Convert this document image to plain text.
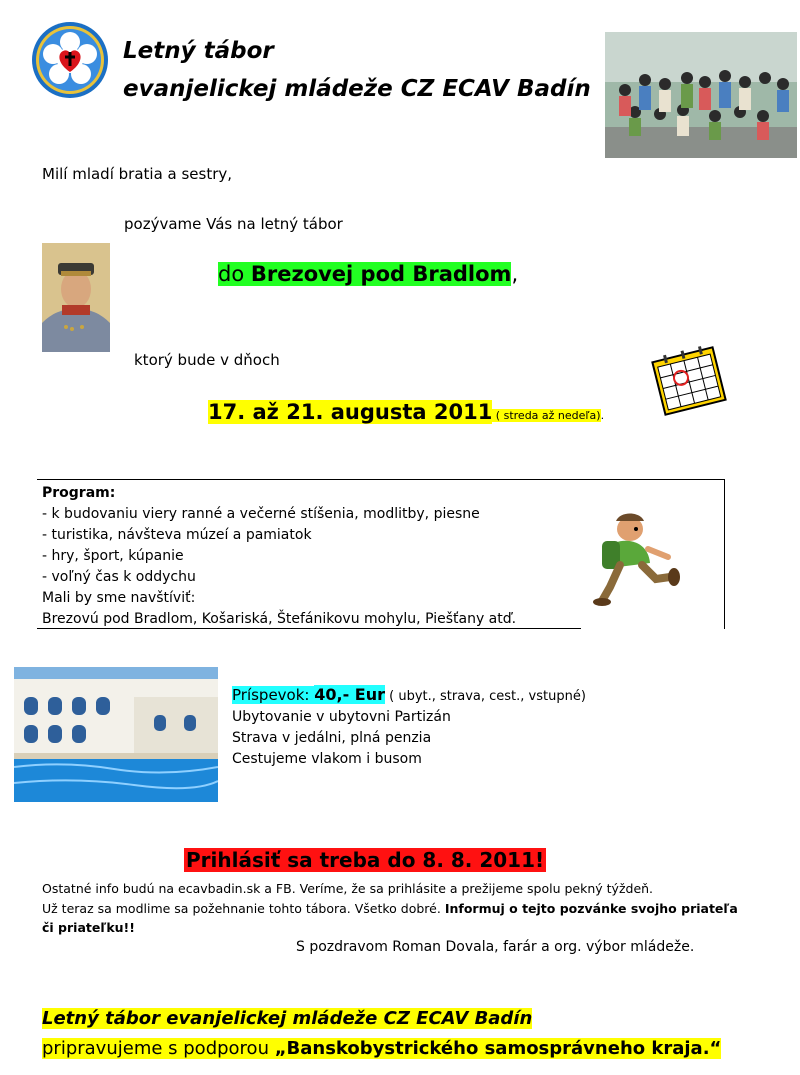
Letný tábor
evanjelickej mládeže CZ ECAV Badín
Milí mladí bratia a sestry,
pozývame Vás na letný tábor
do Brezovej pod Bradlom,
ktorý bude v dňoch
17. až 21. augusta 2011 ( streda až nedeľa).
Program:
- k budovaniu viery ranné a večerné stíšenia, modlitby, piesne
- turistika, návšteva múzeí a pamiatok
- hry, šport, kúpanie
- voľný čas k oddychu
Mali by sme navštíviť:
Brezovú pod Bradlom, Košariská, Štefánikovu mohylu, Piešťany atď.
Príspevok: 40,- Eur ( ubyt., strava, cest., vstupné)
Ubytovanie v ubytovni Partizán
Strava v jedálni, plná penzia
Cestujeme vlakom i busom
Prihlásiť sa treba do 8. 8. 2011!
Ostatné info budú na ecavbadin.sk a FB. Veríme, že sa prihlásite a prežijeme spolu pekný týždeň.
Už teraz sa modlime sa požehnanie tohto tábora. Všetko dobré. Informuj o tejto pozvánke svojho priateľa
či priateľku!!
S pozdravom Roman Dovala, farár a org. výbor mládeže.
Letný tábor evanjelickej mládeže CZ ECAV Badín
pripravujeme s podporou „Banskobystrického samosprávneho kraja.“
